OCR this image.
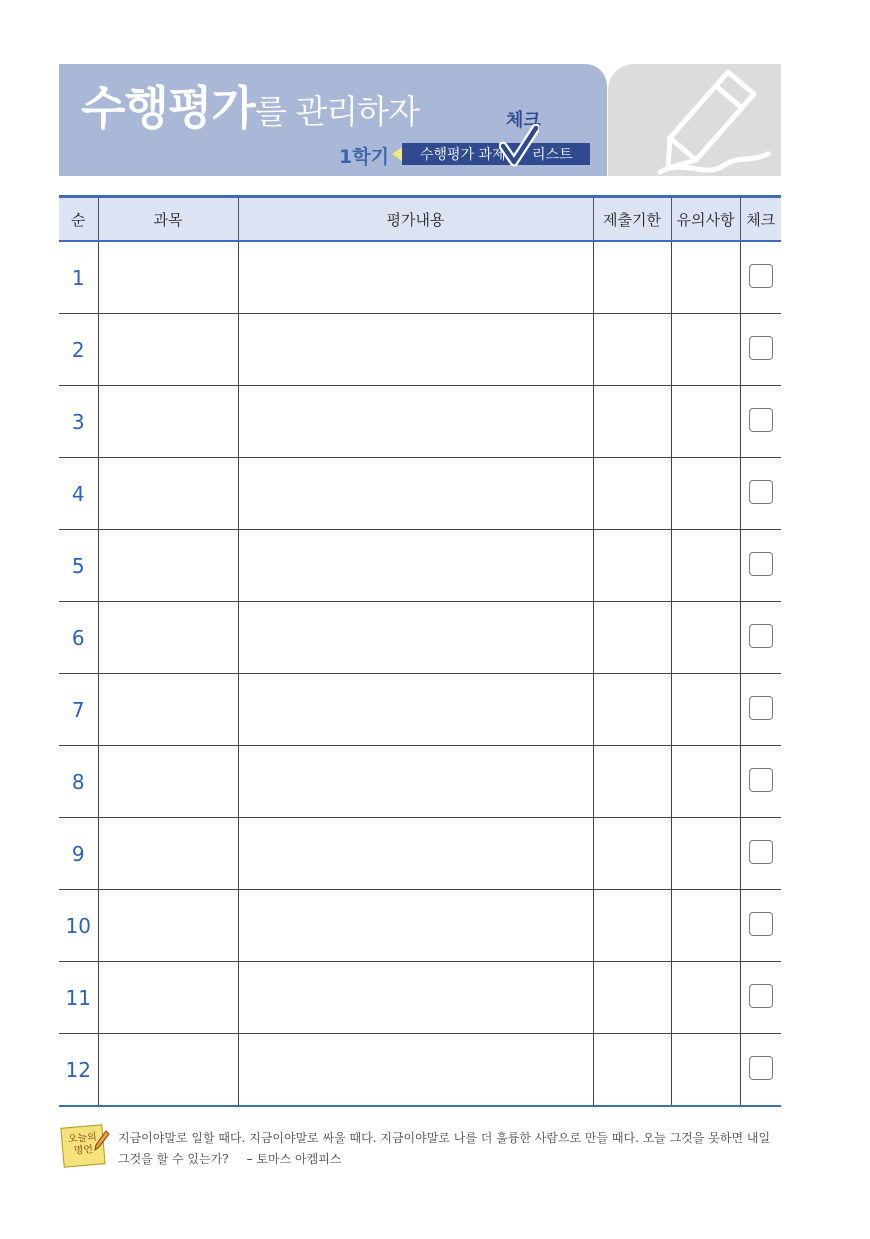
수행평가 를 관리하자
1학기 수행평가 과제 리스트
체크
순	과목	평가내용	제출기한	유의사항	체크
1					
2					
3					
4					
5					
6					
7					
8					
9					
10					
11					
12					
오늘의 명언
지금이야말로 일할 때다. 지금이야말로 싸울 때다. 지금이야말로 나를 더 훌륭한 사람으로 만들 때다. 오늘 그것을 못하면 내일
그것을 할 수 있는가? – 토마스 아켐피스
